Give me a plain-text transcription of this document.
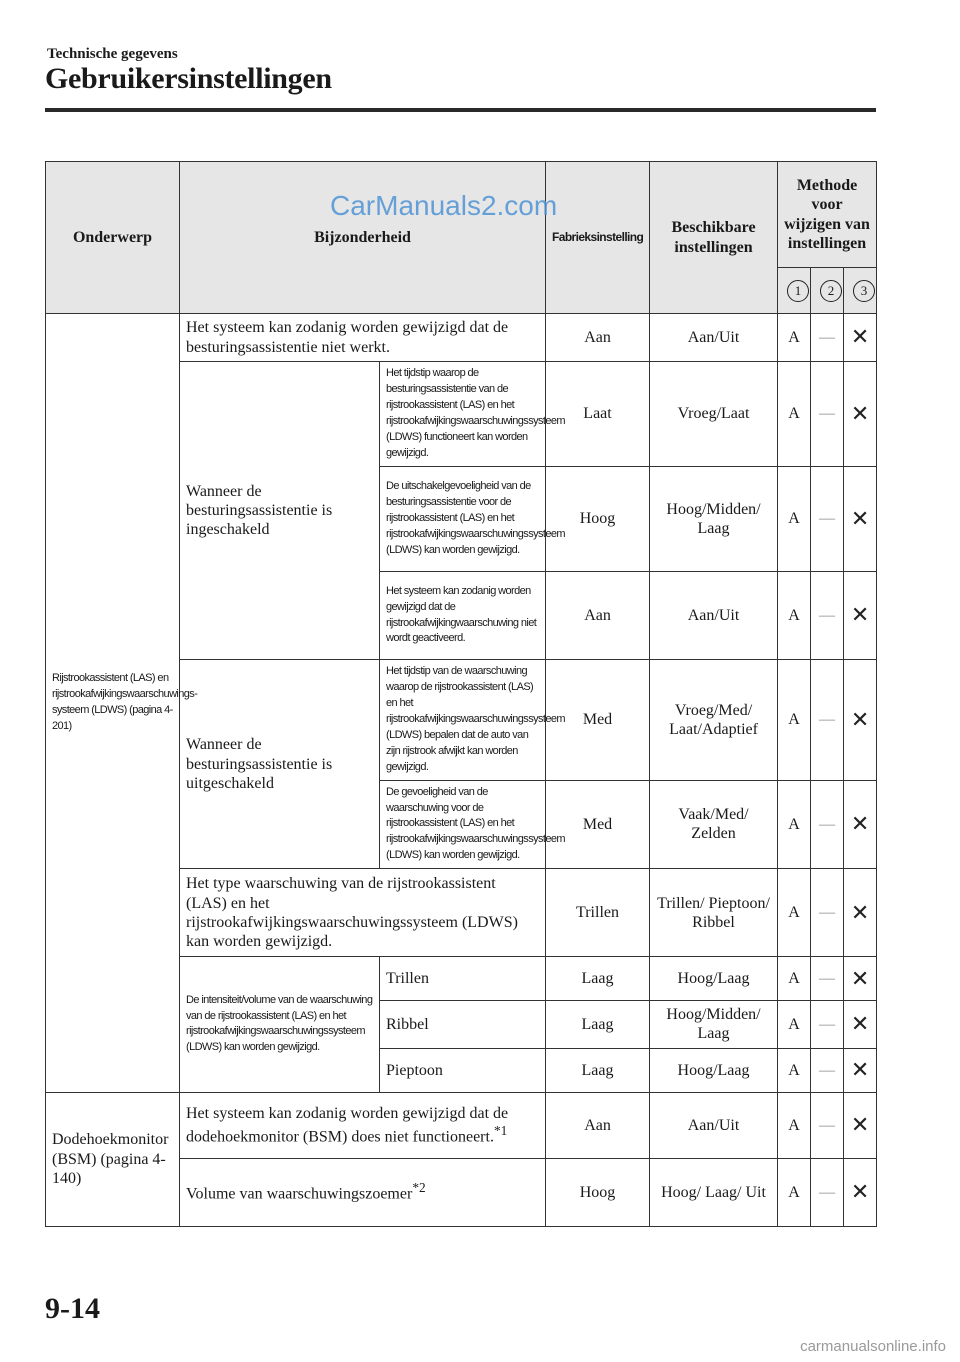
Technische gegevens
Gebruikersinstellingen
Onderwerp	Bijzonderheid		Fabrieksinstelling	Beschikbare instellingen	Methode voor wijzigen van instellingen		
					1	2	3
Rijstrookassistent (LAS) en rijstrookafwijkingswaarschuwings-systeem (LDWS) (pagina 4-201)	Het systeem kan zodanig worden gewijzigd dat de besturingsassistentie niet werkt.		Aan	Aan/Uit	A	—	✕
	Wanneer de besturingsassistentie is ingeschakeld	Het tijdstip waarop de besturingsassistentie van de rijstrookassistent (LAS) en het rijstrookafwijkingswaarschuwingssysteem (LDWS) functioneert kan worden gewijzigd.	Laat	Vroeg/Laat	A	—	✕
		De uitschakelgevoeligheid van de besturingsassistentie voor de rijstrookassistent (LAS) en het rijstrookafwijkingswaarschuwingssysteem (LDWS) kan worden gewijzigd.	Hoog	Hoog/Midden/ Laag	A	—	✕
		Het systeem kan zodanig worden gewijzigd dat de rijstrookafwijkingwaarschuwing niet wordt geactiveerd.	Aan	Aan/Uit	A	—	✕
	Wanneer de besturingsassistentie is uitgeschakeld	Het tijdstip van de waarschuwing waarop de rijstrookassistent (LAS) en het rijstrookafwijkingswaarschuwingssysteem (LDWS) bepalen dat de auto van zijn rijstrook afwijkt kan worden gewijzigd.	Med	Vroeg/Med/ Laat/Adaptief	A	—	✕
		De gevoeligheid van de waarschuwing voor de rijstrookassistent (LAS) en het rijstrookafwijkingswaarschuwingssysteem (LDWS) kan worden gewijzigd.	Med	Vaak/Med/ Zelden	A	—	✕
	Het type waarschuwing van de rijstrookassistent (LAS) en het rijstrookafwijkingswaarschuwingssysteem (LDWS) kan worden gewijzigd.		Trillen	Trillen/ Pieptoon/ Ribbel	A	—	✕
	De intensiteit/volume van de waarschuwing van de rijstrookassistent (LAS) en het rijstrookafwijkingswaarschuwingssysteem (LDWS) kan worden gewijzigd.	Trillen	Laag	Hoog/Laag	A	—	✕
		Ribbel	Laag	Hoog/Midden/ Laag	A	—	✕
		Pieptoon	Laag	Hoog/Laag	A	—	✕
Dodehoekmonitor (BSM) (pagina 4-140)	Het systeem kan zodanig worden gewijzigd dat de dodehoekmonitor (BSM) does niet functioneert.$^{*1}$		Aan	Aan/Uit	A	—	✕
	Volume van waarschuwingszoemer$^{*2}$		Hoog	Hoog/ Laag/ Uit	A	—	✕
CarManuals2.com
9-14
carmanualsonline.info
